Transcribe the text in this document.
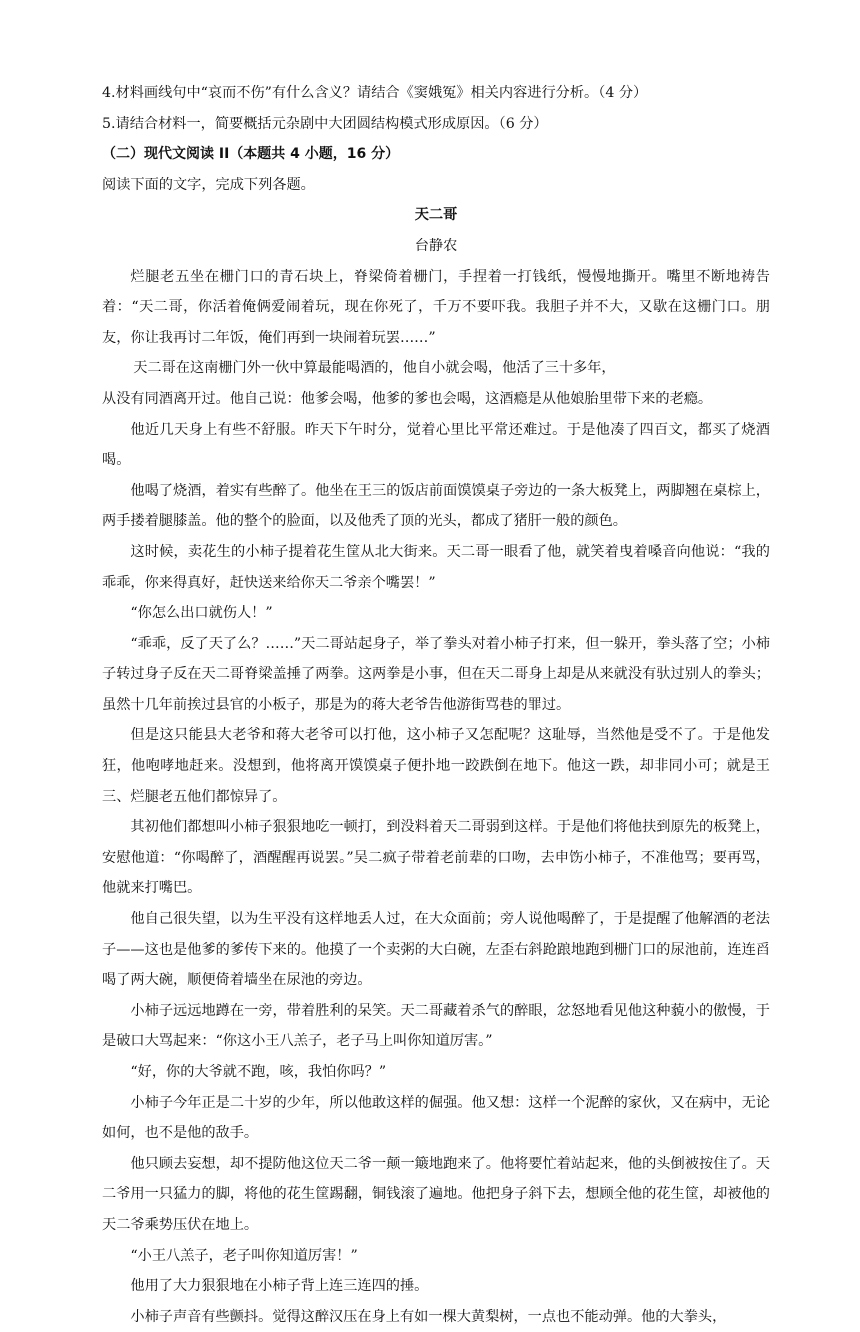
4.材料画线句中“哀而不伤”有什么含义？请结合《窦娥冤》相关内容进行分析。（4 分）
5.请结合材料一，简要概括元杂剧中大团圆结构模式形成原因。（6 分）
（二）现代文阅读 II（本题共 4 小题，16 分）
阅读下面的文字，完成下列各题。
天二哥
台静农
烂腿老五坐在栅门口的青石块上，脊梁倚着栅门，手捏着一打钱纸，慢慢地撕开。嘴里不断地祷告着：“天二哥，你活着俺俩爱闹着玩，现在你死了，千万不要吓我。我胆子并不大，又歇在这栅门口。朋友，你让我再讨二年饭，俺们再到一块闹着玩罢……”
天二哥在这南栅门外一伙中算最能喝酒的，他自小就会喝，他活了三十多年，
从没有同酒离开过。他自己说：他爹会喝，他爹的爹也会喝，这酒瘾是从他娘胎里带下来的老瘾。
他近几天身上有些不舒服。昨天下午时分，觉着心里比平常还难过。于是他凑了四百文，都买了烧酒喝。
他喝了烧酒，着实有些醉了。他坐在王三的饭店前面馍馍桌子旁边的一条大板凳上，两脚翘在桌棕上，两手搂着腿膝盖。他的整个的脸面，以及他秃了顶的光头，都成了猪肝一般的颜色。
这时候，卖花生的小柿子提着花生筐从北大街来。天二哥一眼看了他，就笑着曳着嗓音向他说：“我的乖乖，你来得真好，赶快送来给你天二爷亲个嘴罢！”
“你怎么出口就伤人！”
“乖乖，反了天了么？……”天二哥站起身子，举了拳头对着小柿子打来，但一躲开，拳头落了空；小柿子转过身子反在天二哥脊梁盖捶了两拳。这两拳是小事，但在天二哥身上却是从来就没有驮过别人的拳头；虽然十几年前挨过县官的小板子，那是为的蒋大老爷告他游街骂巷的罪过。
但是这只能县大老爷和蒋大老爷可以打他，这小柿子又怎配呢？这耻辱，当然他是受不了。于是他发狂，他咆哮地赶来。没想到，他将离开馍馍桌子便扑地一跤跌倒在地下。他这一跌，却非同小可；就是王三、烂腿老五他们都惊异了。
其初他们都想叫小柿子狠狠地吃一顿打，到没料着天二哥弱到这样。于是他们将他扶到原先的板凳上，安慰他道：“你喝醉了，酒醒醒再说罢。”吴二疯子带着老前辈的口吻，去申饬小柿子，不准他骂；要再骂，他就来打嘴巴。
他自己很失望，以为生平没有这样地丢人过，在大众面前；旁人说他喝醉了，于是提醒了他解酒的老法子——这也是他爹的爹传下来的。他摸了一个卖粥的大白碗，左歪右斜跄踉地跑到栅门口的尿池前，连连舀喝了两大碗，顺便倚着墙坐在尿池的旁边。
小柿子远远地蹲在一旁，带着胜利的呆笑。天二哥藏着杀气的醉眼，忿怒地看见他这种藐小的傲慢，于是破口大骂起来：“你这小王八羔子，老子马上叫你知道厉害。”
“好，你的大爷就不跑，咳，我怕你吗？”
小柿子今年正是二十岁的少年，所以他敢这样的倔强。他又想：这样一个泥醉的家伙，又在病中，无论如何，也不是他的敌手。
他只顾去妄想，却不提防他这位天二爷一颠一簸地跑来了。他将要忙着站起来，他的头倒被按住了。天二爷用一只猛力的脚，将他的花生筐踢翻，铜钱滚了遍地。他把身子斜下去，想顾全他的花生筐，却被他的天二爷乘势压伏在地上。
“小王八羔子，老子叫你知道厉害！”
他用了大力狠狠地在小柿子背上连三连四的捶。
小柿子声音有些颤抖。觉得这醉汉压在身上有如一棵大黄梨树，一点也不能动弹。他的大拳头，
